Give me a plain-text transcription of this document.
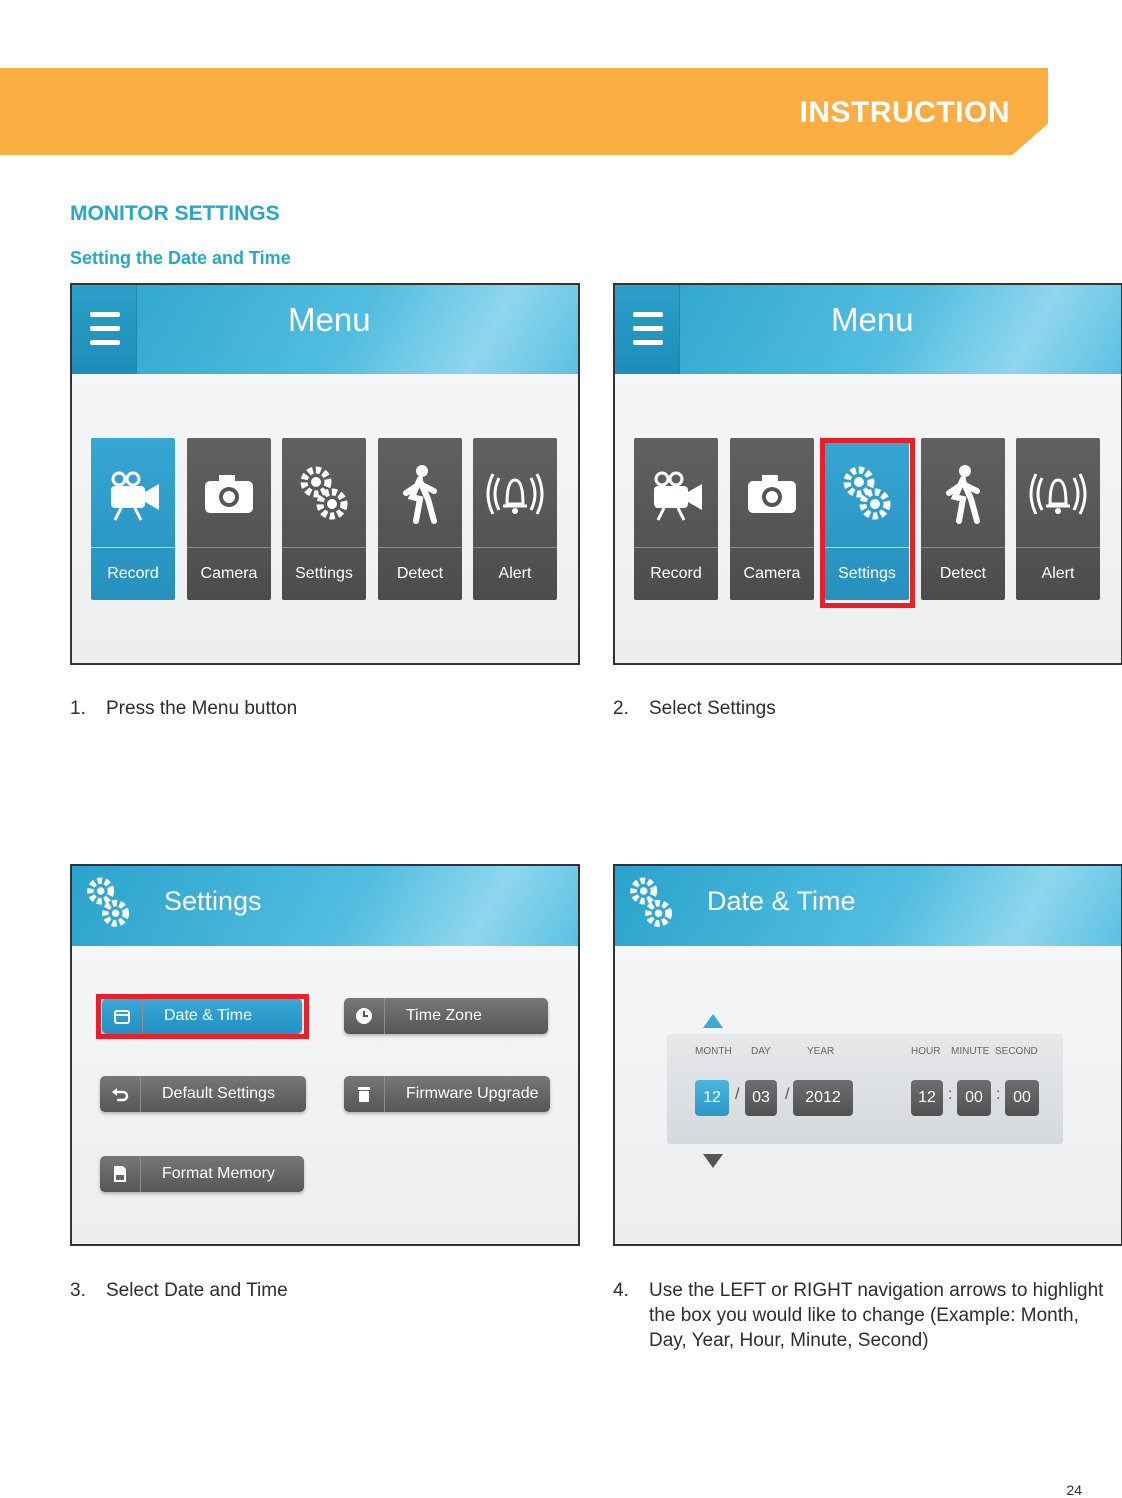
INSTRUCTION
MONITOR SETTINGS
Setting the Date and Time
Menu
Record	Camera	Settings	Detect	Alert
Menu
Record	Camera	Settings	Detect	Alert
1. Press the Menu button	2. Select Settings
Settings
Date & Time	Time Zone
Default Settings	Firmware Upgrade
Format Memory
Date & Time
MONTH DAY	YEAR	HOUR MINUTE SECOND
12 / 03 / 2012	12 : 00 : 00
3. Select Date and Time	4. Use the LEFT or RIGHT navigation arrows to highlight the box you would like to change (Example: Month, Day, Year, Hour, Minute, Second)
24
